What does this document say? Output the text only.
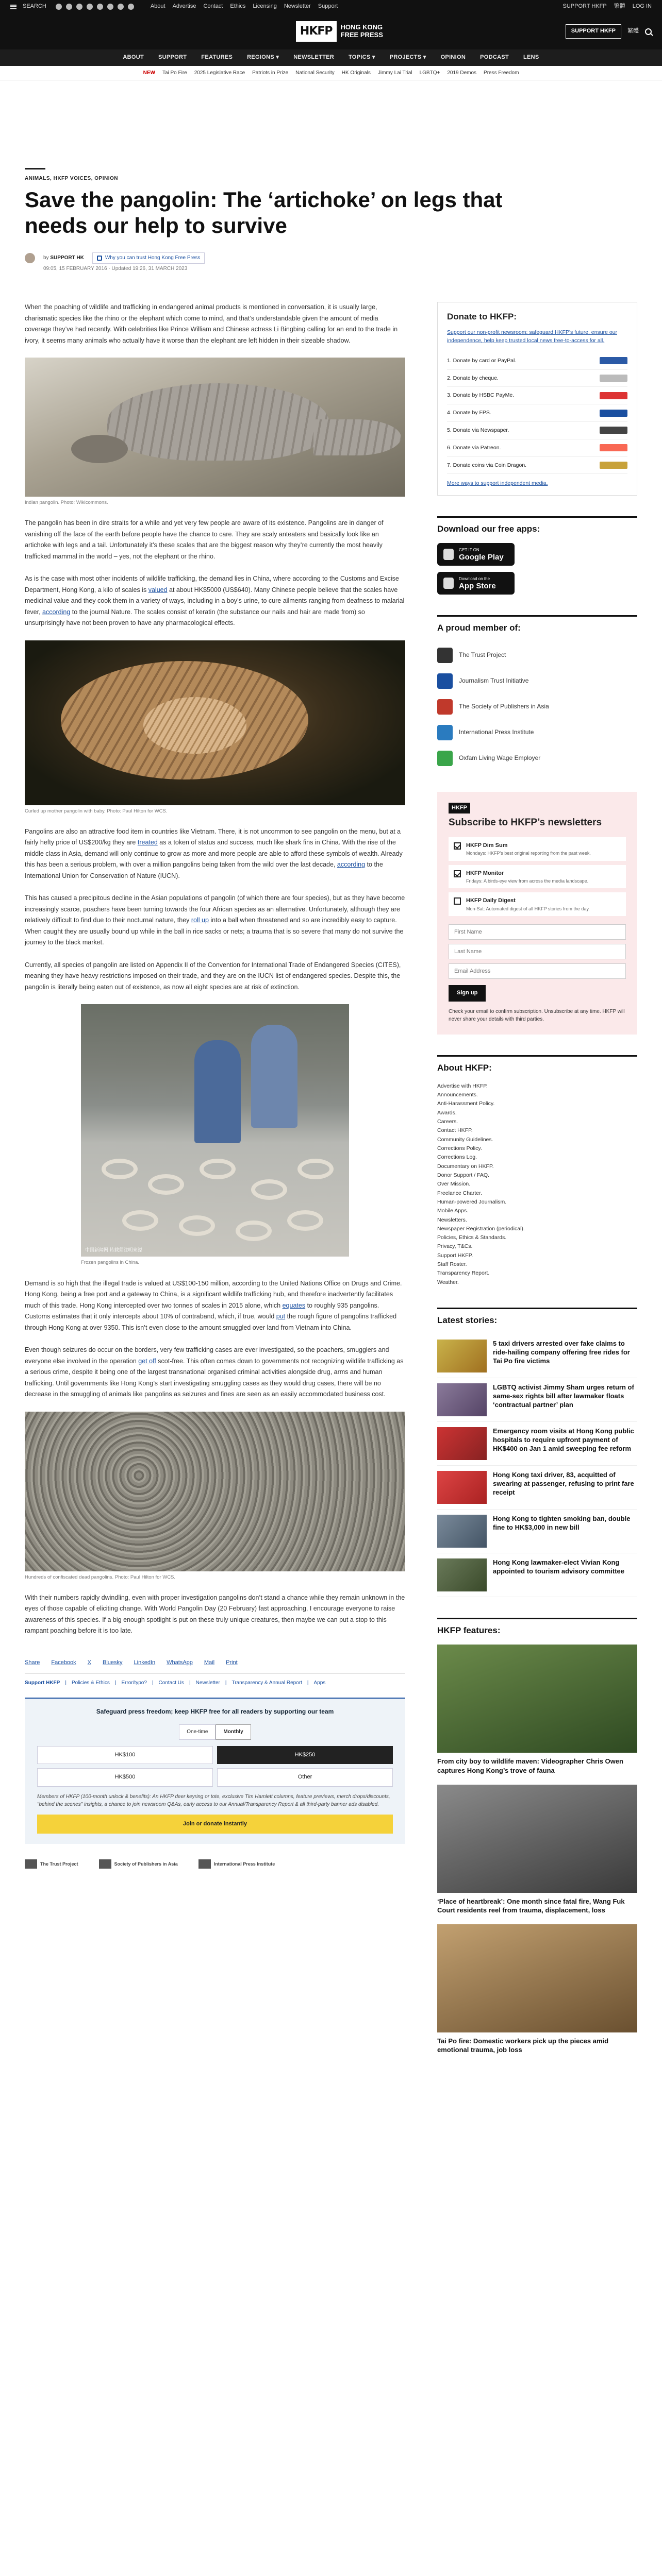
SEARCH	About Advertise Contact Ethics Licensing Newsletter Support	SUPPORT HKFP 繁體 LOG IN
HKFP	HONG KONG
FREE PRESS	SUPPORT HKFP	繁體
ABOUT	SUPPORT	FEATURES	REGIONS ▾	NEWSLETTER	TOPICS ▾	PROJECTS ▾	OPINION	PODCAST	LENS
NEW Tai Po Fire 2025 Legislative Race Patriots in Prize National Security HK Originals Jimmy Lai Trial LGBTQ+ 2019 Demos Press Freedom
ANIMALS, HKFP VOICES, OPINION
Save the pangolin: The ‘artichoke’ on legs that needs our help to survive
by SUPPORT HK	Why you can trust Hong Kong Free Press
09:05, 15 FEBRUARY 2016 · Updated 19:26, 31 MARCH 2023

When the poaching of wildlife and trafficking in endangered animal products is mentioned in conversation, it is usually large, charismatic species like the rhino or the elephant which come to mind, and that’s understandable given the amount of media coverage they’ve had recently. With celebrities like Prince William and Chinese actress Li Bingbing calling for an end to the trade in ivory, it seems many animals who actually have it worse than the elephant are left hidden in their sizeable shadow.

Indian pangolin. Photo: Wikicommons.

The pangolin has been in dire straits for a while and yet very few people are aware of its existence. Pangolins are in danger of vanishing off the face of the earth before people have the chance to care. They are scaly anteaters and basically look like an artichoke with legs and a tail. Unfortunately it’s these scales that are the biggest reason why they’re currently the most heavily trafficked mammal in the world – yes, not the elephant or the rhino.

As is the case with most other incidents of wildlife trafficking, the demand lies in China, where according to the Customs and Excise Department, Hong Kong, a kilo of scales is valued at about HK$5000 (US$640). Many Chinese people believe that the scales have medicinal value and they cook them in a variety of ways, including in a boy’s urine, to cure ailments ranging from deafness to malarial fever, according to the journal Nature. The scales consist of keratin (the substance our nails and hair are made from) so unsurprisingly have not been proven to have any pharmacological effects.

Curled up mother pangolin with baby. Photo: Paul Hilton for WCS.

Pangolins are also an attractive food item in countries like Vietnam. There, it is not uncommon to see pangolin on the menu, but at a fairly hefty price of US$200/kg they are treated as a token of status and success, much like shark fins in China. With the rise of the middle class in Asia, demand will only continue to grow as more and more people are able to afford these symbols of wealth. Already this has been a serious problem, with over a million pangolins being taken from the wild over the last decade, according to the International Union for Conservation of Nature (IUCN).

This has caused a precipitous decline in the Asian populations of pangolin (of which there are four species), but as they have become increasingly scarce, poachers have been turning towards the four African species as an alternative. Unfortunately, although they are relatively difficult to find due to their nocturnal nature, they roll up into a ball when threatened and so are incredibly easy to capture. When caught they are usually bound up while in the ball in rice sacks or nets; a trauma that is so severe that many do not survive the journey to the black market.

Currently, all species of pangolin are listed on Appendix II of the Convention for International Trade of Endangered Species (CITES), meaning they have heavy restrictions imposed on their trade, and they are on the IUCN list of endangered species. Despite this, the pangolin is literally being eaten out of existence, as now all eight species are at risk of extinction.

中国新闻网 转载须注明来源
Frozen pangolins in China.

Demand is so high that the illegal trade is valued at US$100-150 million, according to the United Nations Office on Drugs and Crime. Hong Kong, being a free port and a gateway to China, is a significant wildlife trafficking hub, and therefore inadvertently facilitates much of this trade. Hong Kong intercepted over two tonnes of scales in 2015 alone, which equates to roughly 935 pangolins. Customs estimates that it only intercepts about 10% of contraband, which, if true, would put the rough figure of pangolins trafficked through Hong Kong at over 9350. This isn’t even close to the amount smuggled over land from Vietnam into China.

Even though seizures do occur on the borders, very few trafficking cases are ever investigated, so the poachers, smugglers and everyone else involved in the operation get off scot-free. This often comes down to governments not recognizing wildlife trafficking as a serious crime, despite it being one of the largest transnational organised criminal activities alongside drug, arms and human trafficking. Until governments like Hong Kong’s start investigating smuggling cases as they would drug cases, there will be no decrease in the smuggling of animals like pangolins as seizures and fines are seen as an easily accommodated business cost.

Hundreds of confiscated dead pangolins. Photo: Paul Hilton for WCS.

With their numbers rapidly dwindling, even with proper investigation pangolins don’t stand a chance while they remain unknown in the eyes of those capable of eliciting change. With World Pangolin Day (20 February) fast approaching, I encourage everyone to raise awareness of this species. If a big enough spotlight is put on these truly unique creatures, then maybe we can put a stop to this rampant poaching before it is too late.

Share Facebook X Bluesky LinkedIn WhatsApp Mail Print
Support HKFP | Policies & Ethics | Error/typo? | Contact Us | Newsletter | Transparency & Annual Report | Apps
Safeguard press freedom; keep HKFP free for all readers by supporting our team
One-time	Monthly
HK$100	HK$250
HK$500	Other
Members of HKFP (100-month unlock & benefits): An HKFP deer keyring or tote, exclusive Tim Hamlett columns, feature previews, merch drops/discounts, "behind the scenes" insights, a chance to join newsroom Q&As, early access to our Annual/Transparency Report & all third-party banner ads disabled.
Join or donate instantly
The Trust Project	Society of Publishers in Asia	International Press Institute
Donate to HKFP:
Support our non-profit newsroom: safeguard HKFP's future, ensure our independence, help keep trusted local news free-to-access for all.
1. Donate by card or PayPal.
2. Donate by cheque.
3. Donate by HSBC PayMe.
4. Donate by FPS.
5. Donate via Newspaper.
6. Donate via Patreon.
7. Donate coins via Coin Dragon.
More ways to support independent media.
Download our free apps:
GET IT ON
Google Play
Download on the
App Store
A proud member of:
The Trust Project
Journalism Trust Initiative
The Society of Publishers in Asia
International Press Institute
Oxfam Living Wage Employer
HKFP
Subscribe to HKFP’s newsletters
HKFP Dim Sum
Mondays: HKFP's best original reporting from the past week.
HKFP Monitor
Fridays: A birds-eye view from across the media landscape.
HKFP Daily Digest
Mon-Sat: Automated digest of all HKFP stories from the day.
First Name Last Name Email Address Sign up
Check your email to confirm subscription. Unsubscribe at any time. HKFP will never share your details with third parties.
About HKFP:
Advertise with HKFP.
Announcements.
Anti-Harassment Policy.
Awards.
Careers.
Contact HKFP.
Community Guidelines.
Corrections Policy.
Corrections Log.
Documentary on HKFP.
Donor Support / FAQ.
Over Mission.
Freelance Charter.
Human-powered Journalism.
Mobile Apps.
Newsletters.
Newspaper Registration (periodical).
Policies, Ethics & Standards.
Privacy, T&Cs.
Support HKFP.
Staff Roster.
Transparency Report.
Weather.
Latest stories:
5 taxi drivers arrested over fake claims to ride-hailing company offering free rides for Tai Po fire victims
LGBTQ activist Jimmy Sham urges return of same-sex rights bill after lawmaker floats ‘contractual partner’ plan
Emergency room visits at Hong Kong public hospitals to require upfront payment of HK$400 on Jan 1 amid sweeping fee reform
Hong Kong taxi driver, 83, acquitted of swearing at passenger, refusing to print fare receipt
Hong Kong to tighten smoking ban, double fine to HK$3,000 in new bill
Hong Kong lawmaker-elect Vivian Kong appointed to tourism advisory committee
HKFP features:
From city boy to wildlife maven: Videographer Chris Owen captures Hong Kong’s trove of fauna
‘Place of heartbreak’: One month since fatal fire, Wang Fuk Court residents reel from trauma, displacement, loss
Tai Po fire: Domestic workers pick up the pieces amid emotional trauma, job loss
